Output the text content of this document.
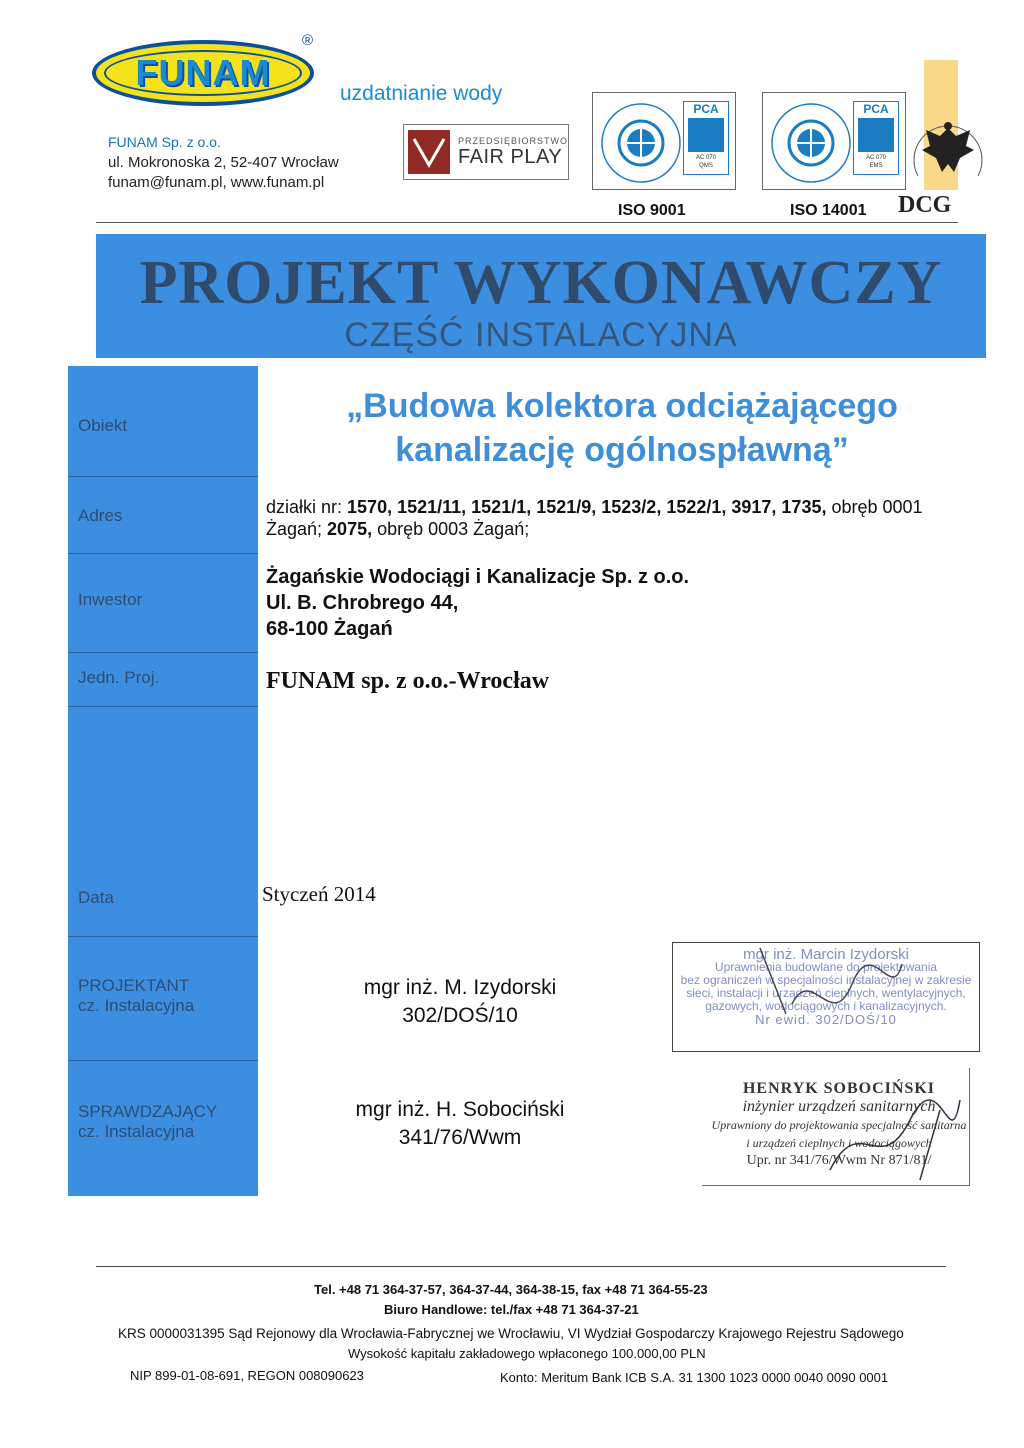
FUNAM
®
uzdatnianie wody
FUNAM Sp. z o.o.
ul. Mokronoska 2, 52-407 Wrocław
funam@funam.pl, www.funam.pl
PRZEDSIĘBIORSTWO
FAIR PLAY
PCA
AC 070
QMS
ISO 9001
PCA
AC 070
EMS
ISO 14001 DCG
PROJEKT WYKONAWCZY
CZĘŚĆ INSTALACYJNA
Obiekt
Adres
Inwestor
Jedn. Proj.
Data
PROJEKTANT
cz. Instalacyjna
SPRAWDZAJĄCY
cz. Instalacyjna
„Budowa kolektora odciążającego
kanalizację ogólnospławną”
działki nr: 1570, 1521/11, 1521/1, 1521/9, 1523/2, 1522/1, 3917, 1735, obręb 0001
Żagań; 2075, obręb 0003 Żagań;
Żagańskie Wodociągi i Kanalizacje Sp. z o.o.
Ul. B. Chrobrego 44,
68-100 Żagań
FUNAM sp. z o.o.-Wrocław
Styczeń 2014
mgr inż. M. Izydorski
302/DOŚ/10
mgr inż. H. Sobociński
341/76/Wwm
mgr inż. Marcin Izydorski
Uprawnienia budowlane do projektowania
bez ograniczeń w specjalności instalacyjnej w zakresie
sieci, instalacji i urządzeń cieplnych, wentylacyjnych,
gazowych, wodociągowych i kanalizacyjnych.
Nr ewid. 302/DOŚ/10
HENRYK SOBOCIŃSKI
inżynier urządzeń sanitarnych
Uprawniony do projektowania specjalność sanitarna
i urządzeń cieplnych i wodociągowych
Upr. nr 341/76/Wwm Nr 871/81/
Tel. +48 71 364-37-57, 364-37-44, 364-38-15, fax +48 71 364-55-23
Biuro Handlowe: tel./fax +48 71 364-37-21
KRS 0000031395 Sąd Rejonowy dla Wrocławia-Fabrycznej we Wrocławiu, VI Wydział Gospodarczy Krajowego Rejestru Sądowego
Wysokość kapitału zakładowego wpłaconego 100.000,00 PLN
NIP 899-01-08-691, REGON 008090623	Konto: Meritum Bank ICB S.A. 31 1300 1023 0000 0040 0090 0001
